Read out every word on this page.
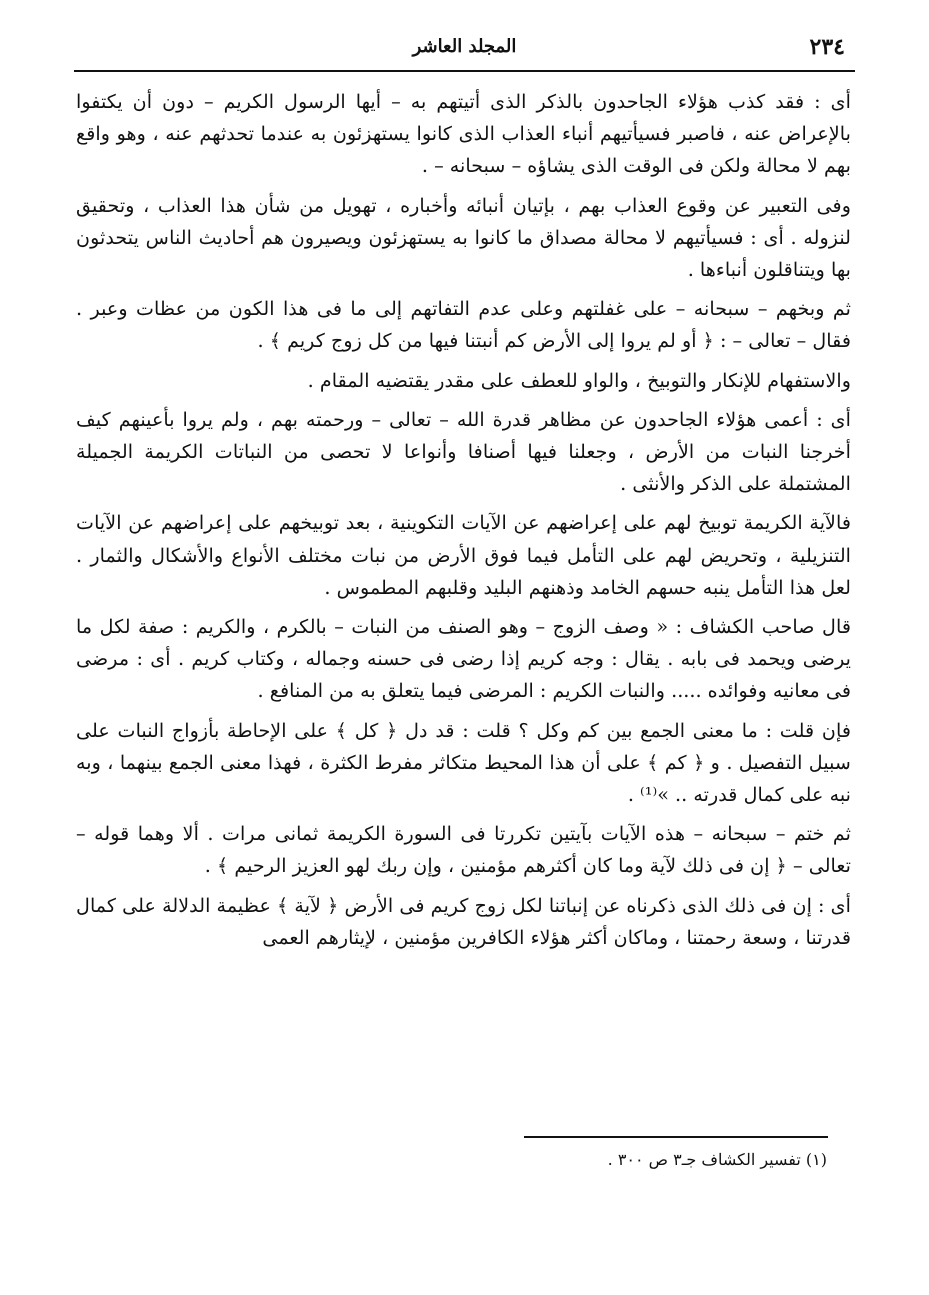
٢٣٤
المجلد العاشر

أى : فقد كذب هؤلاء الجاحدون بالذكر الذى أتيتهم به – أيها الرسول الكريم – دون أن يكتفوا بالإعراض عنه ، فاصبر فسيأتيهم أنباء العذاب الذى كانوا يستهزئون به عندما تحدثهم عنه ، وهو واقع بهم لا محالة ولكن فى الوقت الذى يشاؤه – سبحانه – .

وفى التعبير عن وقوع العذاب بهم ، بإتيان أنبائه وأخباره ، تهويل من شأن هذا العذاب ، وتحقيق لنزوله . أى : فسيأتيهم لا محالة مصداق ما كانوا به يستهزئون ويصيرون هم أحاديث الناس يتحدثون بها ويتناقلون أنباءها .

ثم وبخهم – سبحانه – على غفلتهم وعلى عدم التفاتهم إلى ما فى هذا الكون من عظات وعبر . فقال – تعالى – : ﴿ أو لم يروا إلى الأرض كم أنبتنا فيها من كل زوج كريم ﴾ .

والاستفهام للإنكار والتوبيخ ، والواو للعطف على مقدر يقتضيه المقام .

أى : أعمى هؤلاء الجاحدون عن مظاهر قدرة الله – تعالى – ورحمته بهم ، ولم يروا بأعينهم كيف أخرجنا النبات من الأرض ، وجعلنا فيها أصنافا وأنواعا لا تحصى من النباتات الكريمة الجميلة المشتملة على الذكر والأنثى .

فالآية الكريمة توبيخ لهم على إعراضهم عن الآيات التكوينية ، بعد توبيخهم على إعراضهم عن الآيات التنزيلية ، وتحريض لهم على التأمل فيما فوق الأرض من نبات مختلف الأنواع والأشكال والثمار . لعل هذا التأمل ينبه حسهم الخامد وذهنهم البليد وقلبهم المطموس .

قال صاحب الكشاف : « وصف الزوج – وهو الصنف من النبات – بالكرم ، والكريم : صفة لكل ما يرضى ويحمد فى بابه . يقال : وجه كريم إذا رضى فى حسنه وجماله ، وكتاب كريم . أى : مرضى فى معانيه وفوائده ..... والنبات الكريم : المرضى فيما يتعلق به من المنافع .

فإن قلت : ما معنى الجمع بين كم وكل ؟ قلت : قد دل ﴿ كل ﴾ على الإحاطة بأزواج النبات على سبيل التفصيل . و ﴿ كم ﴾ على أن هذا المحيط متكاثر مفرط الكثرة ، فهذا معنى الجمع بينهما ، وبه نبه على كمال قدرته .. »⁽¹⁾ .

ثم ختم – سبحانه – هذه الآيات بآيتين تكررتا فى السورة الكريمة ثمانى مرات . ألا وهما قوله – تعالى – ﴿ إن فى ذلك لآية وما كان أكثرهم مؤمنين ، وإن ربك لهو العزيز الرحيم ﴾ .

أى : إن فى ذلك الذى ذكرناه عن إنباتنا لكل زوج كريم فى الأرض ﴿ لآية ﴾ عظيمة الدلالة على كمال قدرتنا ، وسعة رحمتنا ، وماكان أكثر هؤلاء الكافرين مؤمنين ، لإيثارهم العمى

(١) تفسير الكشاف جـ٣ ص ٣٠٠ .
